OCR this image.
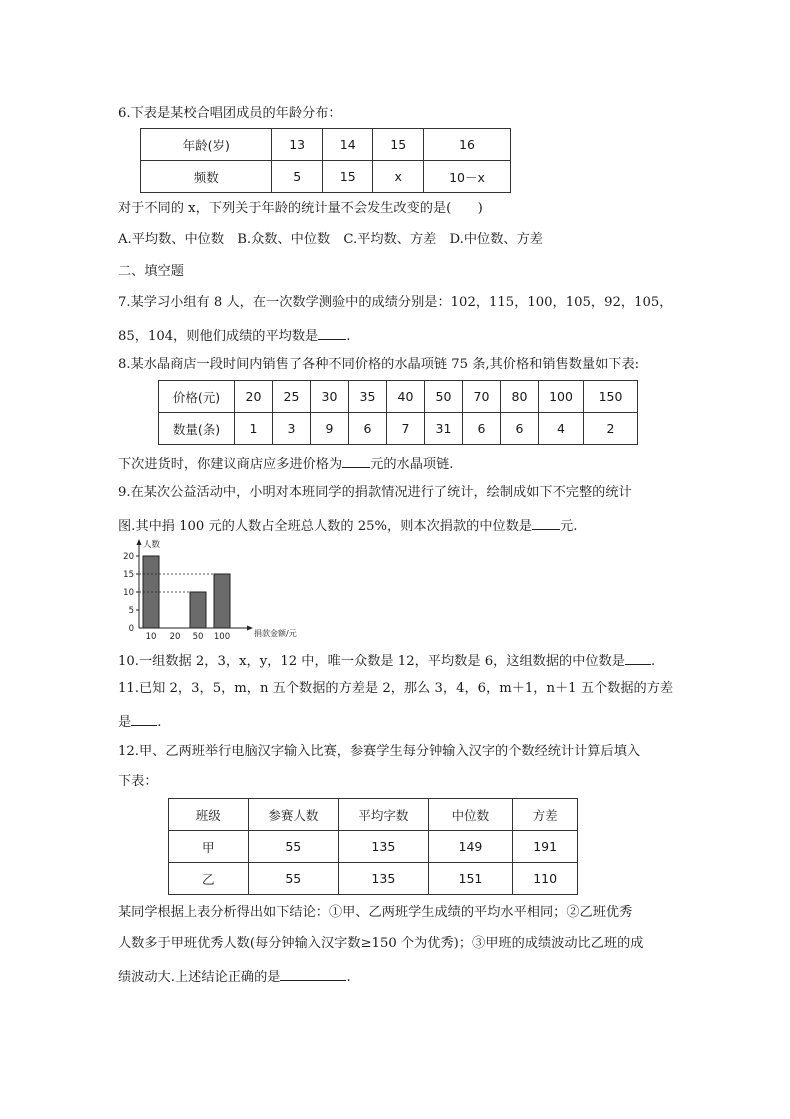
6.下表是某校合唱团成员的年龄分布：
年龄(岁)	13	14	15	16
频数	5	15	x	10－x
对于不同的 x，下列关于年龄的统计量不会发生改变的是(　　)
A.平均数、中位数　B.众数、中位数　C.平均数、方差　D.中位数、方差
二、填空题
7.某学习小组有 8 人，在一次数学测验中的成绩分别是：102，115，100，105，92，105，
85，104，则他们成绩的平均数是 .
8.某水晶商店一段时间内销售了各种不同价格的水晶项链 75 条,其价格和销售数量如下表:
价格(元)	20	25	30	35	40	50	70	80	100	150
数量(条)	1	3	9	6	7	31	6	6	4	2
下次进货时，你建议商店应多进价格为 元的水晶项链.
9.在某次公益活动中，小明对本班同学的捐款情况进行了统计，绘制成如下不完整的统计
图.其中捐 100 元的人数占全班总人数的 25%，则本次捐款的中位数是 元.
人数
捐款金额/元
0
5
10
15
20
10 20 50 100
10.一组数据 2，3，x，y，12 中，唯一众数是 12，平均数是 6，这组数据的中位数是 .
11.已知 2，3，5，m，n 五个数据的方差是 2，那么 3，4，6，m＋1，n＋1 五个数据的方差
是 .
12.甲、乙两班举行电脑汉字输入比赛，参赛学生每分钟输入汉字的个数经统计计算后填入
下表：
班级	参赛人数	平均字数	中位数	方差
甲	55	135	149	191
乙	55	135	151	110
某同学根据上表分析得出如下结论：①甲、乙两班学生成绩的平均水平相同；②乙班优秀
人数多于甲班优秀人数(每分钟输入汉字数≥150 个为优秀)；③甲班的成绩波动比乙班的成
绩波动大.上述结论正确的是	.
